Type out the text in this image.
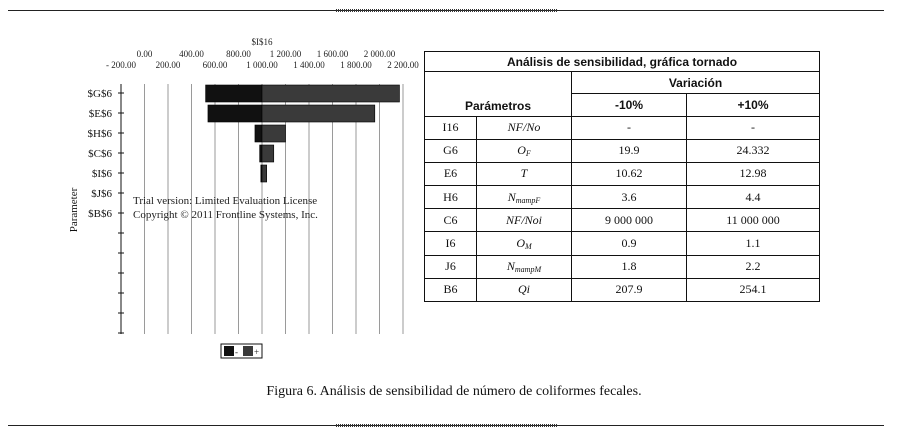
$I$16
0.00	400.00 800.00 1 200.00 1 600.00 2 000.00
- 200.00 200.00 600.00 1 000.00 1 400.00 1 800.00 2 200.00
$G$6
$E$6
$H$6
$C$6
$I$6
$J$6
$B$6
Trial version: Limited Evaluation License
Copyright © 2011 Frontline Systems, Inc.
Parameter
- +
Análisis de sensibilidad, gráfica tornado			
Parámetros		Variación	
		-10%	+10%
I16	NF/No	-	-
G6	$O_F$	19.9	24.332
E6	T	10.62	12.98
H6	$N_{mampF}$	3.6	4.4
C6	NF/Noi	9 000 000	11 000 000
I6	$O_M$	0.9	1.1
J6	$N_{mampM}$	1.8	2.2
B6	Qi	207.9	254.1
Figura 6. Análisis de sensibilidad de número de coliformes fecales.
